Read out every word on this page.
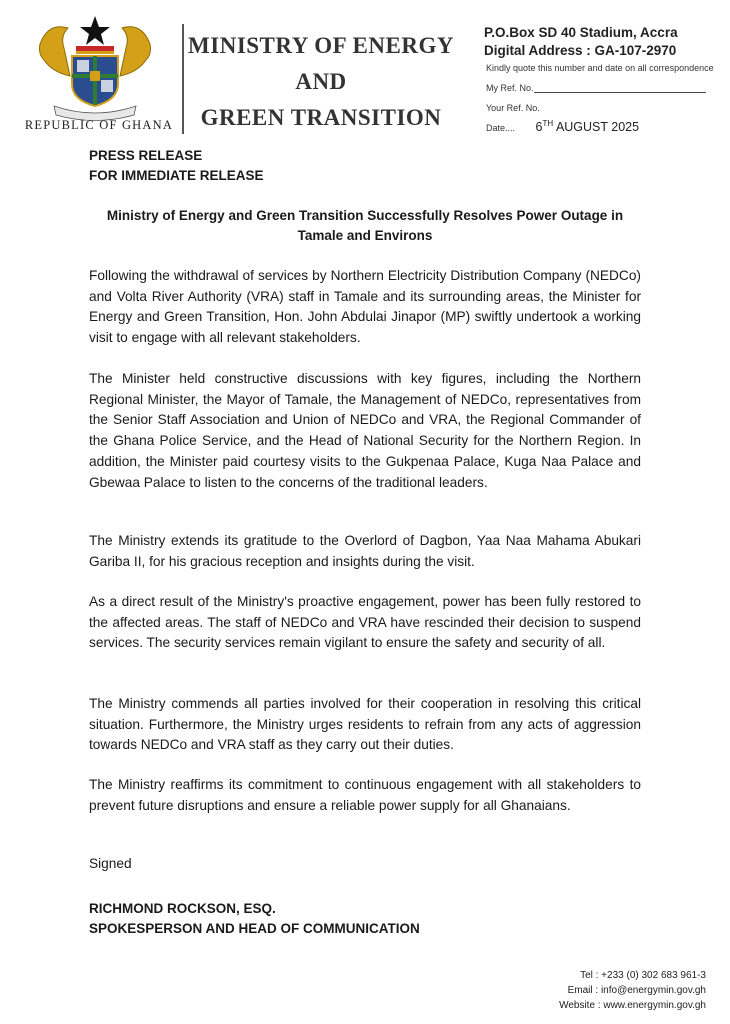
REPUBLIC OF GHANA
MINISTRY OF ENERGY
AND
GREEN TRANSITION
P.O.Box SD 40 Stadium, Accra
Digital Address : GA-107-2970
Kindly quote this number and date on all correspondence
My Ref. No.
Your Ref. No.
Date.... 6TH AUGUST 2025
PRESS RELEASE
FOR IMMEDIATE RELEASE
Ministry of Energy and Green Transition Successfully Resolves Power Outage in Tamale and Environs
Following the withdrawal of services by Northern Electricity Distribution Company (NEDCo) and Volta River Authority (VRA) staff in Tamale and its surrounding areas, the Minister for Energy and Green Transition, Hon. John Abdulai Jinapor (MP) swiftly undertook a working visit to engage with all relevant stakeholders.
The Minister held constructive discussions with key figures, including the Northern Regional Minister, the Mayor of Tamale, the Management of NEDCo, representatives from the Senior Staff Association and Union of NEDCo and VRA, the Regional Commander of the Ghana Police Service, and the Head of National Security for the Northern Region. In addition, the Minister paid courtesy visits to the Gukpenaa Palace, Kuga Naa Palace and Gbewaa Palace to listen to the concerns of the traditional leaders.
The Ministry extends its gratitude to the Overlord of Dagbon, Yaa Naa Mahama Abukari Gariba II, for his gracious reception and insights during the visit.
As a direct result of the Ministry's proactive engagement, power has been fully restored to the affected areas. The staff of NEDCo and VRA have rescinded their decision to suspend services. The security services remain vigilant to ensure the safety and security of all.
The Ministry commends all parties involved for their cooperation in resolving this critical situation. Furthermore, the Ministry urges residents to refrain from any acts of aggression towards NEDCo and VRA staff as they carry out their duties.
The Ministry reaffirms its commitment to continuous engagement with all stakeholders to prevent future disruptions and ensure a reliable power supply for all Ghanaians.
Signed
RICHMOND ROCKSON, ESQ.
SPOKESPERSON AND HEAD OF COMMUNICATION
Tel : +233 (0) 302 683 961-3
Email : info@energymin.gov.gh
Website : www.energymin.gov.gh
